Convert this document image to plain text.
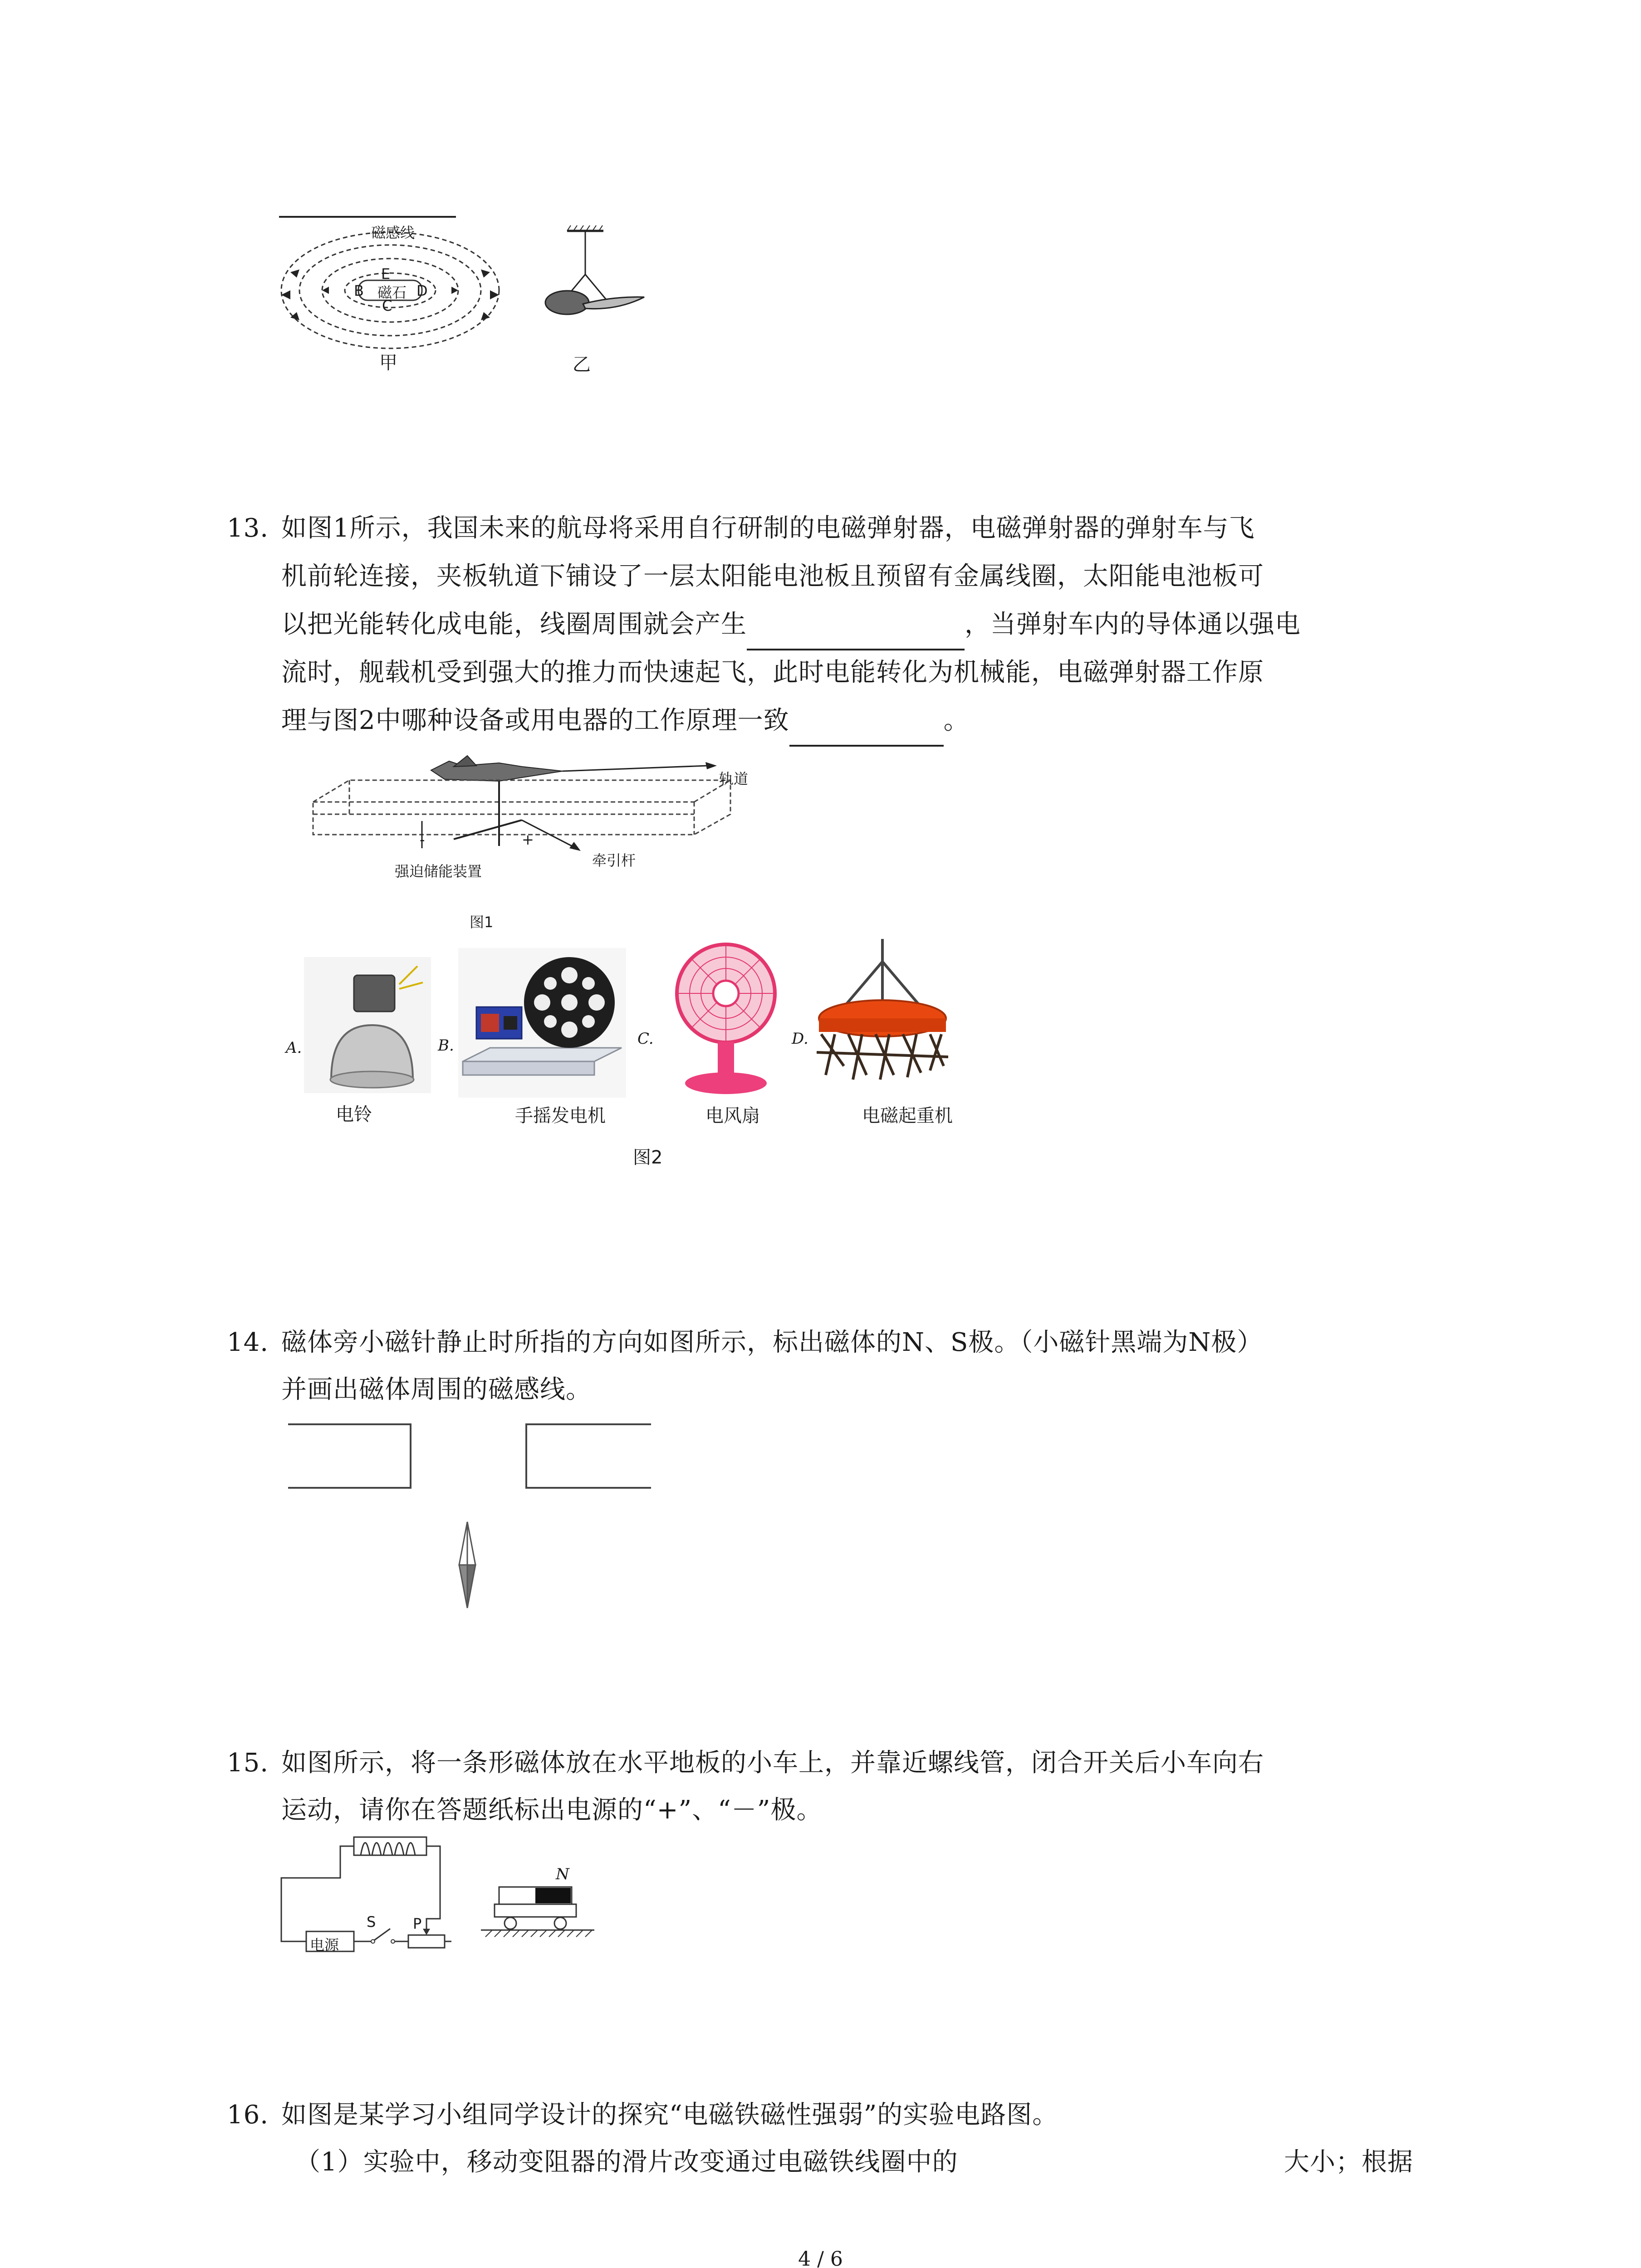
磁感线
磁石
E
B	D
C
甲	乙
13. 如图1所示，我国未来的航母将采用自行研制的电磁弹射器，电磁弹射器的弹射车与飞
机前轮连接，夹板轨道下铺设了一层太阳能电池板且预留有金属线圈，太阳能电池板可
以把光能转化成电能，线圈周围就会产生	，当弹射车内的导体通以强电
流时，舰载机受到强大的推力而快速起飞，此时电能转化为机械能，电磁弹射器工作原
理与图2中哪种设备或用电器的工作原理一致	。
轨道
-	+
牵引杆
强迫储能装置
图1
A.
电铃
B.
手摇发电机
C.
电风扇
D.
电磁起重机
图2
14. 磁体旁小磁针静止时所指的方向如图所示，标出磁体的N、S极。（小磁针黑端为N极）
并画出磁体周围的磁感线。
15. 如图所示，将一条形磁体放在水平地板的小车上，并靠近螺线管，闭合开关后小车向右
运动，请你在答题纸标出电源的“+”、“－”极。
电源
S	P
N
16. 如图是某学习小组同学设计的探究“电磁铁磁性强弱”的实验电路图。
（1）实验中，移动变阻器的滑片改变通过电磁铁线圈中的	大小；根据
4 / 6
